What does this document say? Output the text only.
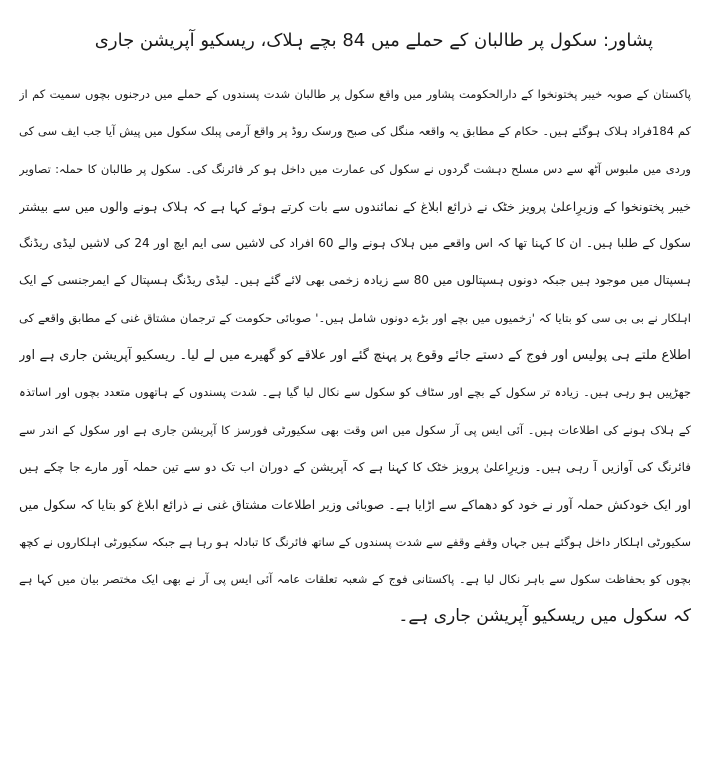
پشاور: سکول پر طالبان کے حملے میں 84 بچے ہلاک، ریسکیو آپریشن جاری
پاکستان کے صوبہ خیبر پختونخوا کے دارالحکومت پشاور میں واقع سکول پر طالبان شدت پسندوں کے حملے میں درجنوں بچوں سمیت کم از
کم 184فراد ہلاک ہوگئے ہیں۔ حکام کے مطابق یہ واقعہ منگل کی صبح ورسک روڈ پر واقع آرمی پبلک سکول میں پیش آیا جب ایف سی کی
وردی میں ملبوس آٹھ سے دس مسلح دہشت گردوں نے سکول کی عمارت میں داخل ہو کر فائرنگ کی۔ سکول پر طالبان کا حملہ: تصاویر
خیبر پختونخوا کے وزیرِاعلیٰ پرویز خٹک نے ذرائع ابلاغ کے نمائندوں سے بات کرتے ہوئے کہا ہے کہ ہلاک ہونے والوں میں سے بیشتر
سکول کے طلبا ہیں۔ ان کا کہنا تھا کہ اس واقعے میں ہلاک ہونے والے 60 افراد کی لاشیں سی ایم ایچ اور 24 کی لاشیں لیڈی ریڈنگ
ہسپتال میں موجود ہیں جبکہ دونوں ہسپتالوں میں 80 سے زیادہ زخمی بھی لائے گئے ہیں۔ لیڈی ریڈنگ ہسپتال کے ایمرجنسی کے ایک
اہلکار نے بی بی سی کو بتایا کہ 'زخمیوں میں بچے اور بڑے دونوں شامل ہیں۔' صوبائی حکومت کے ترجمان مشتاق غنی کے مطابق واقعے کی
اطلاع ملتے ہی پولیس اور فوج کے دستے جائے وقوع پر پہنچ گئے اور علاقے کو گھیرے میں لے لیا۔ ریسکیو آپریشن جاری ہے اور
جھڑپیں ہو رہی ہیں۔ زیادہ تر سکول کے بچے اور سٹاف کو سکول سے نکال لیا گیا ہے۔ شدت پسندوں کے ہاتھوں متعدد بچوں اور اساتذہ
کے ہلاک ہونے کی اطلاعات ہیں۔ آئی ایس پی آر سکول میں اس وقت بھی سکیورٹی فورسز کا آپریشن جاری ہے اور سکول کے اندر سے
فائرنگ کی آوازیں آ رہی ہیں۔ وزیرِاعلیٰ پرویز خٹک کا کہنا ہے کہ آپریشن کے دوران اب تک دو سے تین حملہ آور مارے جا چکے ہیں
اور ایک خودکش حملہ آور نے خود کو دھماکے سے اڑایا ہے۔ صوبائی وزیر اطلاعات مشتاق غنی نے ذرائع ابلاغ کو بتایا کہ سکول میں
سکیورٹی اہلکار داخل ہوگئے ہیں جہاں وقفے وقفے سے شدت پسندوں کے ساتھ فائرنگ کا تبادلہ ہو رہا ہے جبکہ سکیورٹی اہلکاروں نے کچھ
بچوں کو بحفاظت سکول سے باہر نکال لیا ہے۔ پاکستانی فوج کے شعبہ تعلقات عامہ آئی ایس پی آر نے بھی ایک مختصر بیان میں کہا ہے
کہ سکول میں ریسکیو آپریشن جاری ہے۔
